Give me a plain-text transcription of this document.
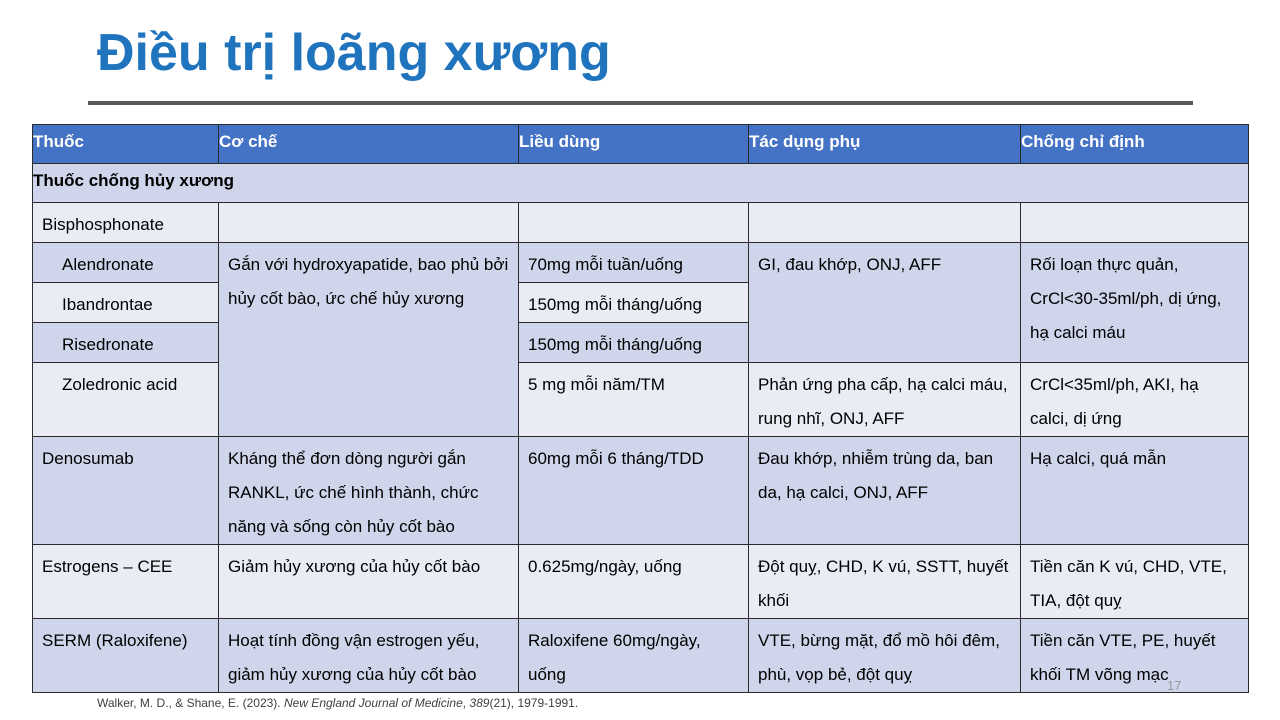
Điều trị loãng xương
Thuốc	Cơ chế	Liều dùng	Tác dụng phụ	Chống chỉ định
Thuốc chống hủy xương				

Bisphosphonate				

Alendronate	Gắn với hydroxyapatide, bao phủ bởi hủy cốt bào, ức chế hủy xương	70mg mỗi tuần/uống	GI, đau khớp, ONJ, AFF	Rối loạn thực quản, CrCl<30-35ml/ph, dị ứng, hạ calci máu

Ibandrontae		150mg mỗi tháng/uống		

Risedronate		150mg mỗi tháng/uống		

Zoledronic acid		5 mg mỗi năm/TM	Phản ứng pha cấp, hạ calci máu, rung nhĩ, ONJ, AFF	CrCl<35ml/ph, AKI, hạ calci, dị ứng

Denosumab	Kháng thể đơn dòng người gắn RANKL, ức chế hình thành, chức năng và sống còn hủy cốt bào	60mg mỗi 6 tháng/TDD	Đau khớp, nhiễm trùng da, ban da, hạ calci, ONJ, AFF	Hạ calci, quá mẫn

Estrogens – CEE	Giảm hủy xương của hủy cốt bào	0.625mg/ngày, uống	Đột quỵ, CHD, K vú, SSTT, huyết khối	Tiền căn K vú, CHD, VTE, TIA, đột quỵ

SERM (Raloxifene)	Hoạt tính đồng vận estrogen yếu, giảm hủy xương của hủy cốt bào	Raloxifene 60mg/ngày, uống	VTE, bừng mặt, đổ mồ hôi đêm, phù, vọp bẻ, đột quỵ	Tiền căn VTE, PE, huyết khối TM võng mạc
Walker, M. D., & Shane, E. (2023). New England Journal of Medicine, 389(21), 1979-1991.
17
